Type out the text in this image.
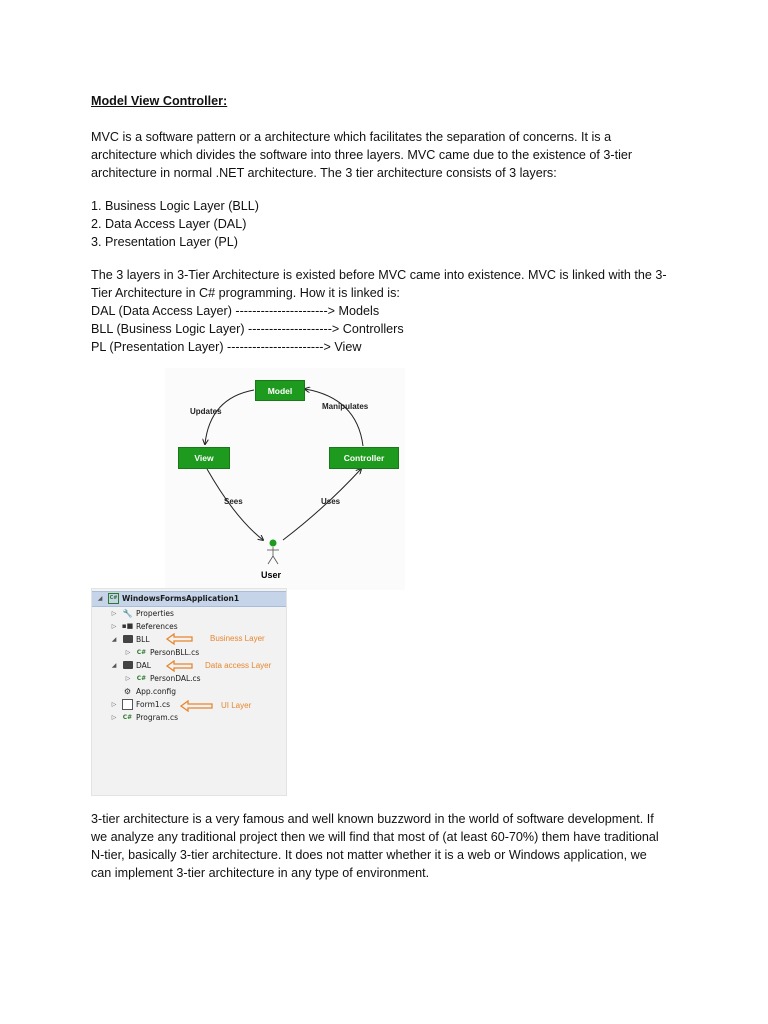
Model View Controller:
MVC is a software pattern or a architecture which facilitates the separation of concerns. It is a
architecture which divides the software into three layers. MVC came due to the existence of 3-tier
architecture in normal .NET architecture. The 3 tier architecture consists of 3 layers:
1. Business Logic Layer (BLL)
2. Data Access Layer (DAL)
3. Presentation Layer (PL)
The 3 layers in 3-Tier Architecture is existed before MVC came into existence. MVC is linked with the 3-
Tier Architecture in C# programming. How it is linked is:
DAL (Data Access Layer) ----------------------> Models
BLL (Business Logic Layer) --------------------> Controllers
PL (Presentation Layer) -----------------------> View
Model
View	Controller
Updates
Manipulates
Sees	Uses
User
◢	C# WindowsFormsApplication1
▷ 🔧 Properties
▷ ▪■ References
◢	BLL
▷ C# PersonBLL.cs
◢	DAL
▷ C# PersonDAL.cs
⚙ App.config
▷	Form1.cs
▷ C# Program.cs
Business Layer
Data access Layer
UI Layer
3-tier architecture is a very famous and well known buzzword in the world of software development. If
we analyze any traditional project then we will find that most of (at least 60-70%) them have traditional
N-tier, basically 3-tier architecture. It does not matter whether it is a web or Windows application, we
can implement 3-tier architecture in any type of environment.
